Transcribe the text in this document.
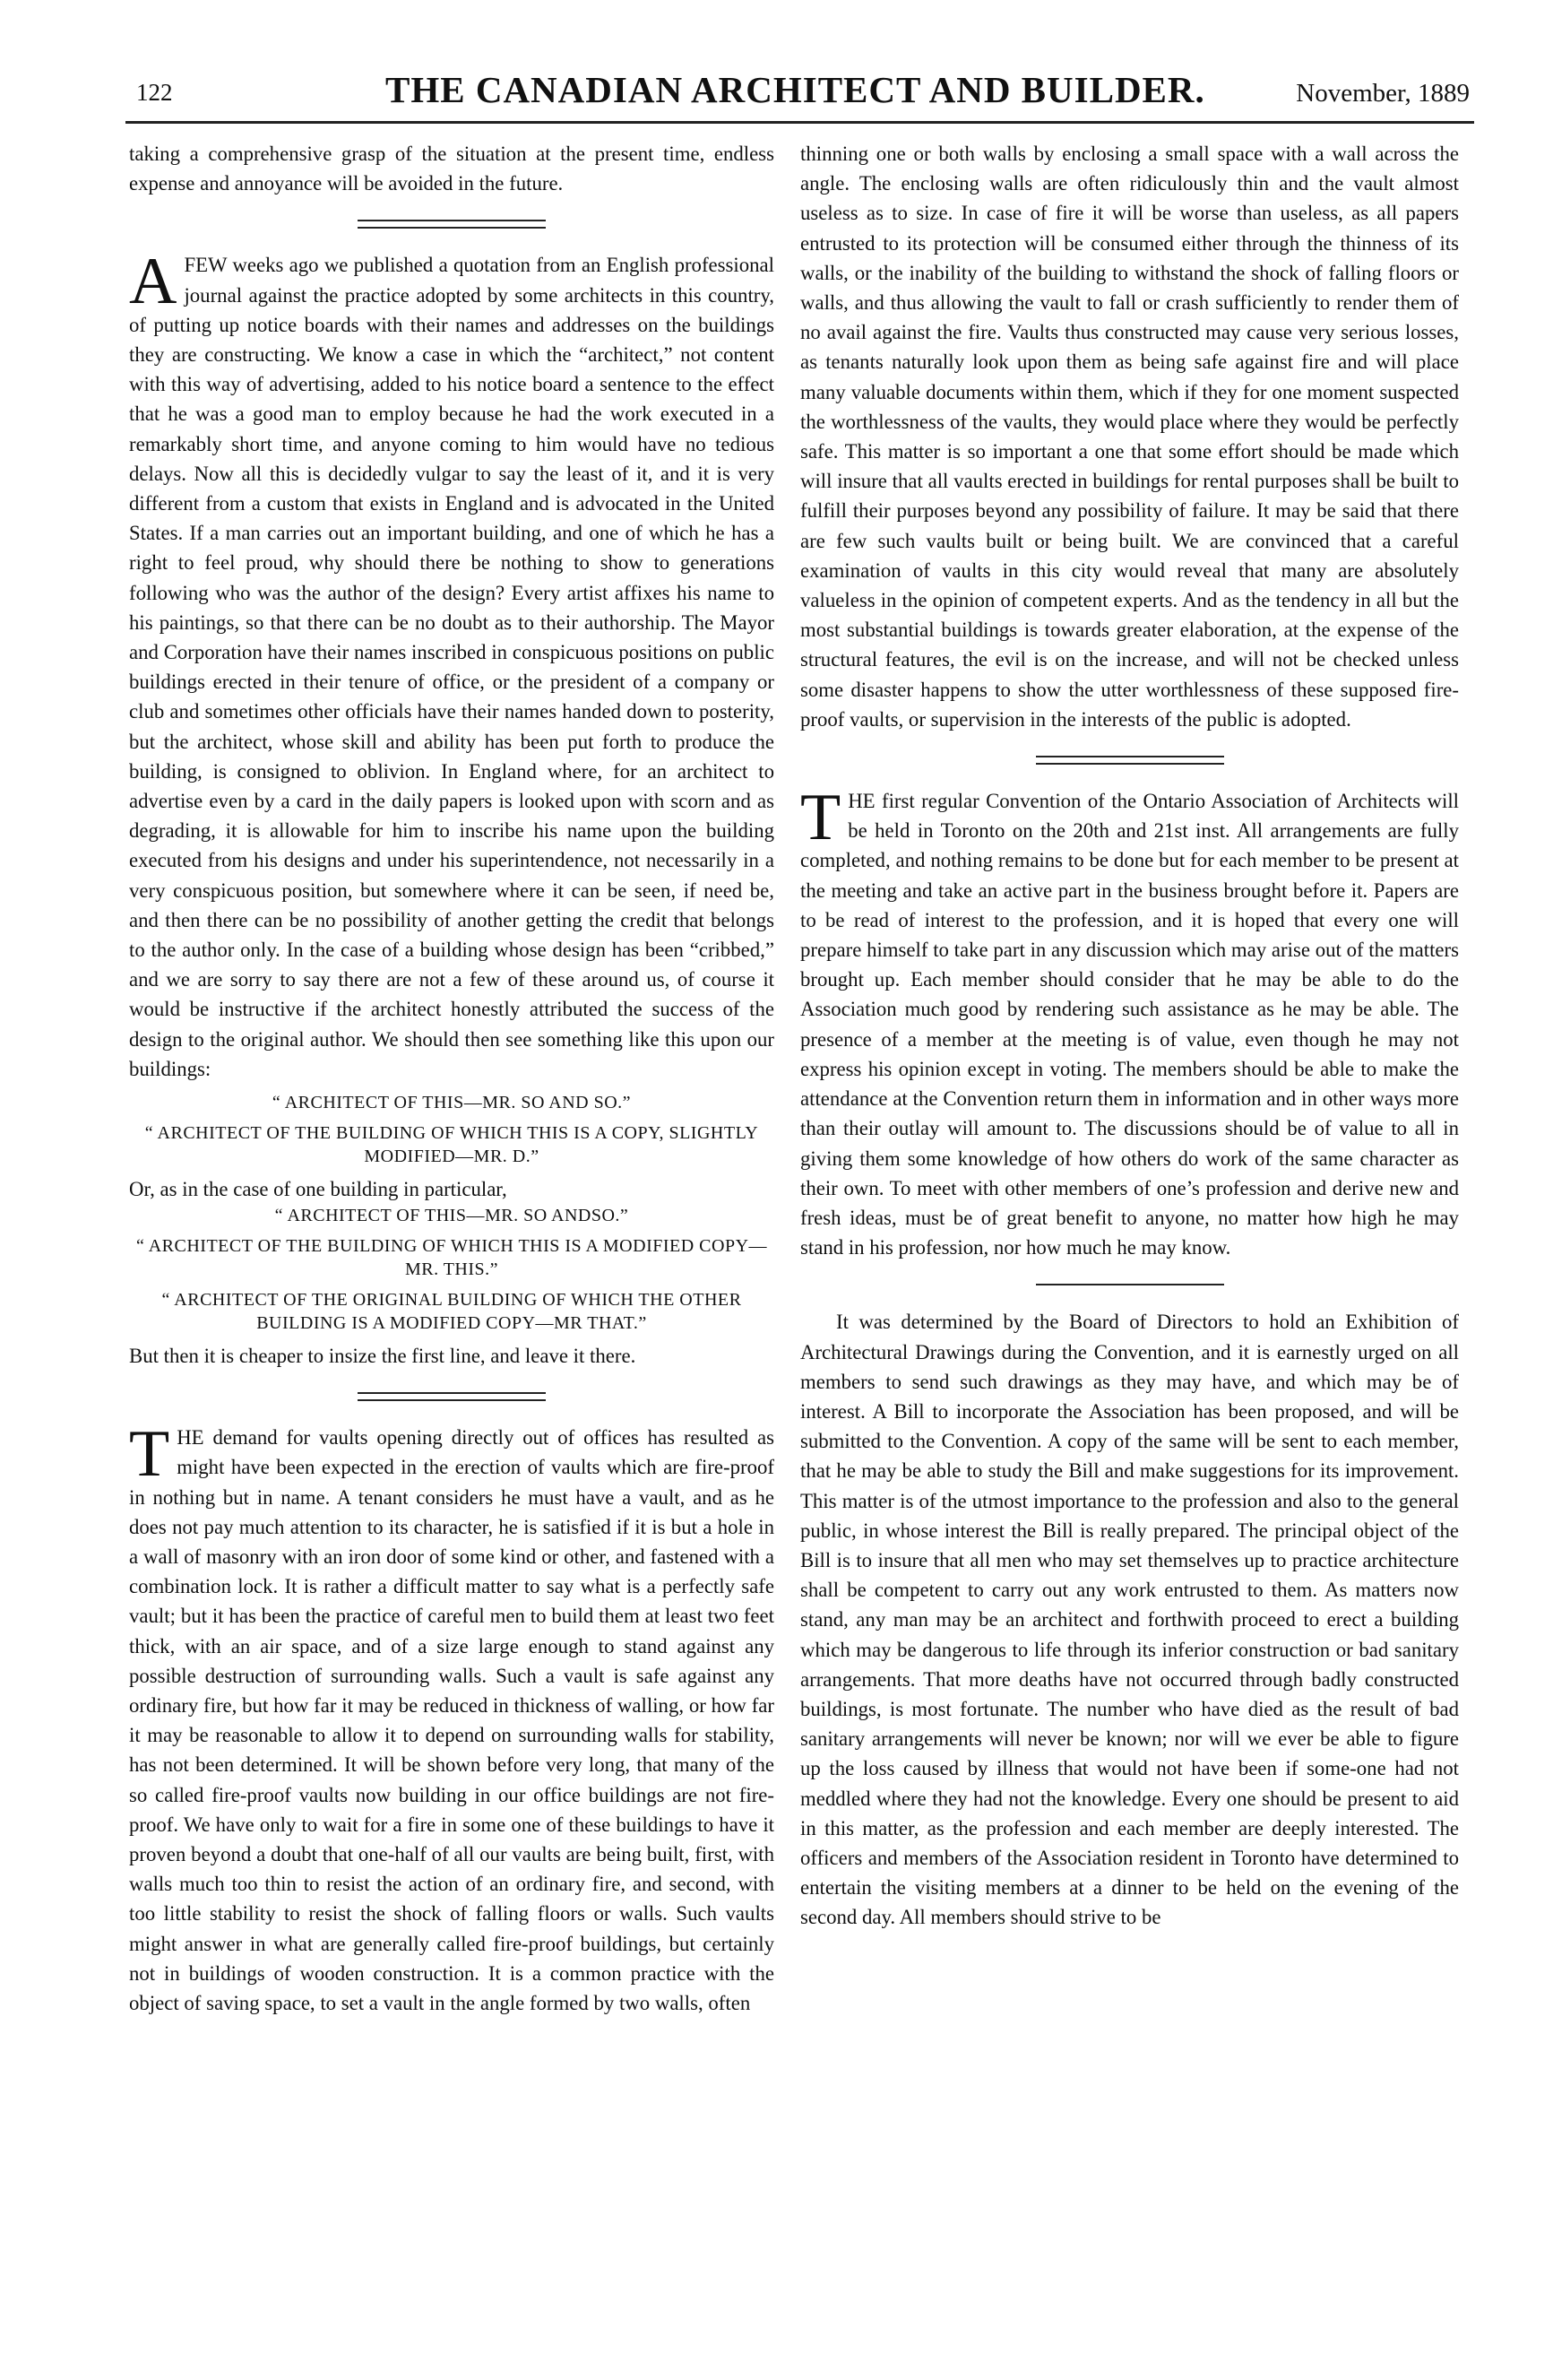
122	THE CANADIAN ARCHITECT AND BUILDER.	November, 1889

taking a comprehensive grasp of the situation at the present time, endless expense and annoyance will be avoided in the future.

AFEW weeks ago we published a quotation from an English professional journal against the practice adopted by some architects in this country, of putting up notice boards with their names and addresses on the buildings they are constructing. We know a case in which the “architect,” not content with this way of advertising, added to his notice board a sentence to the effect that he was a good man to employ because he had the work executed in a remarkably short time, and anyone coming to him would have no tedious delays. Now all this is decidedly vulgar to say the least of it, and it is very different from a custom that exists in England and is advocated in the United States. If a man carries out an important building, and one of which he has a right to feel proud, why should there be nothing to show to generations following who was the author of the design? Every artist affixes his name to his paintings, so that there can be no doubt as to their authorship. The Mayor and Corporation have their names inscribed in conspicuous positions on public buildings erected in their tenure of office, or the president of a company or club and sometimes other officials have their names handed down to posterity, but the architect, whose skill and ability has been put forth to produce the building, is consigned to oblivion. In England where, for an architect to advertise even by a card in the daily papers is looked upon with scorn and as degrading, it is allowable for him to inscribe his name upon the building executed from his designs and under his superintendence, not necessarily in a very conspicuous position, but somewhere where it can be seen, if need be, and then there can be no possibility of another getting the credit that belongs to the author only. In the case of a building whose design has been “cribbed,” and we are sorry to say there are not a few of these around us, of course it would be instructive if the architect honestly attributed the success of the design to the original author. We should then see something like this upon our buildings:

“ ARCHITECT OF THIS—MR. SO AND SO.”

“ ARCHITECT OF THE BUILDING OF WHICH THIS IS A COPY, SLIGHTLY MODIFIED—MR. D.”

Or, as in the case of one building in particular,

“ ARCHITECT OF THIS—MR. SO ANDSO.”

“ ARCHITECT OF THE BUILDING OF WHICH THIS IS A MODIFIED COPY—MR. THIS.”

“ ARCHITECT OF THE ORIGINAL BUILDING OF WHICH THE OTHER BUILDING IS A MODIFIED COPY—MR THAT.”

But then it is cheaper to insize the first line, and leave it there.

THE demand for vaults opening directly out of offices has resulted as might have been expected in the erection of vaults which are fire-proof in nothing but in name. A tenant considers he must have a vault, and as he does not pay much attention to its character, he is satisfied if it is but a hole in a wall of masonry with an iron door of some kind or other, and fastened with a combination lock. It is rather a difficult matter to say what is a perfectly safe vault; but it has been the practice of careful men to build them at least two feet thick, with an air space, and of a size large enough to stand against any possible destruction of surrounding walls. Such a vault is safe against any ordinary fire, but how far it may be reduced in thickness of walling, or how far it may be reasonable to allow it to depend on surrounding walls for stability, has not been determined. It will be shown before very long, that many of the so called fire-proof vaults now building in our office buildings are not fire-proof. We have only to wait for a fire in some one of these buildings to have it proven beyond a doubt that one-half of all our vaults are being built, first, with walls much too thin to resist the action of an ordinary fire, and second, with too little stability to resist the shock of falling floors or walls. Such vaults might answer in what are generally called fire-proof buildings, but certainly not in buildings of wooden construction. It is a common practice with the object of saving space, to set a vault in the angle formed by two walls, often

thinning one or both walls by enclosing a small space with a wall across the angle. The enclosing walls are often ridiculously thin and the vault almost useless as to size. In case of fire it will be worse than useless, as all papers entrusted to its protection will be consumed either through the thinness of its walls, or the inability of the building to withstand the shock of falling floors or walls, and thus allowing the vault to fall or crash sufficiently to render them of no avail against the fire. Vaults thus constructed may cause very serious losses, as tenants naturally look upon them as being safe against fire and will place many valuable documents within them, which if they for one moment suspected the worthlessness of the vaults, they would place where they would be perfectly safe. This matter is so important a one that some effort should be made which will insure that all vaults erected in buildings for rental purposes shall be built to fulfill their purposes beyond any possibility of failure. It may be said that there are few such vaults built or being built. We are convinced that a careful examination of vaults in this city would reveal that many are absolutely valueless in the opinion of competent experts. And as the tendency in all but the most substantial buildings is towards greater elaboration, at the expense of the structural features, the evil is on the increase, and will not be checked unless some disaster happens to show the utter worthlessness of these supposed fire-proof vaults, or supervision in the interests of the public is adopted.

THE first regular Convention of the Ontario Association of Architects will be held in Toronto on the 20th and 21st inst. All arrangements are fully completed, and nothing remains to be done but for each member to be present at the meeting and take an active part in the business brought before it. Papers are to be read of interest to the profession, and it is hoped that every one will prepare himself to take part in any discussion which may arise out of the matters brought up. Each member should consider that he may be able to do the Association much good by rendering such assistance as he may be able. The presence of a member at the meeting is of value, even though he may not express his opinion except in voting. The members should be able to make the attendance at the Convention return them in information and in other ways more than their outlay will amount to. The discussions should be of value to all in giving them some knowledge of how others do work of the same character as their own. To meet with other members of one’s profession and derive new and fresh ideas, must be of great benefit to anyone, no matter how high he may stand in his profession, nor how much he may know.

It was determined by the Board of Directors to hold an Exhibition of Architectural Drawings during the Convention, and it is earnestly urged on all members to send such drawings as they may have, and which may be of interest. A Bill to incorporate the Association has been proposed, and will be submitted to the Convention. A copy of the same will be sent to each member, that he may be able to study the Bill and make suggestions for its improvement. This matter is of the utmost importance to the profession and also to the general public, in whose interest the Bill is really prepared. The principal object of the Bill is to insure that all men who may set themselves up to practice architecture shall be competent to carry out any work entrusted to them. As matters now stand, any man may be an architect and forthwith proceed to erect a building which may be dangerous to life through its inferior construction or bad sanitary arrangements. That more deaths have not occurred through badly constructed buildings, is most fortunate. The number who have died as the result of bad sanitary arrangements will never be known; nor will we ever be able to figure up the loss caused by illness that would not have been if some-one had not meddled where they had not the knowledge. Every one should be present to aid in this matter, as the profession and each member are deeply interested. The officers and members of the Association resident in Toronto have determined to entertain the visiting members at a dinner to be held on the evening of the second day. All members should strive to be
